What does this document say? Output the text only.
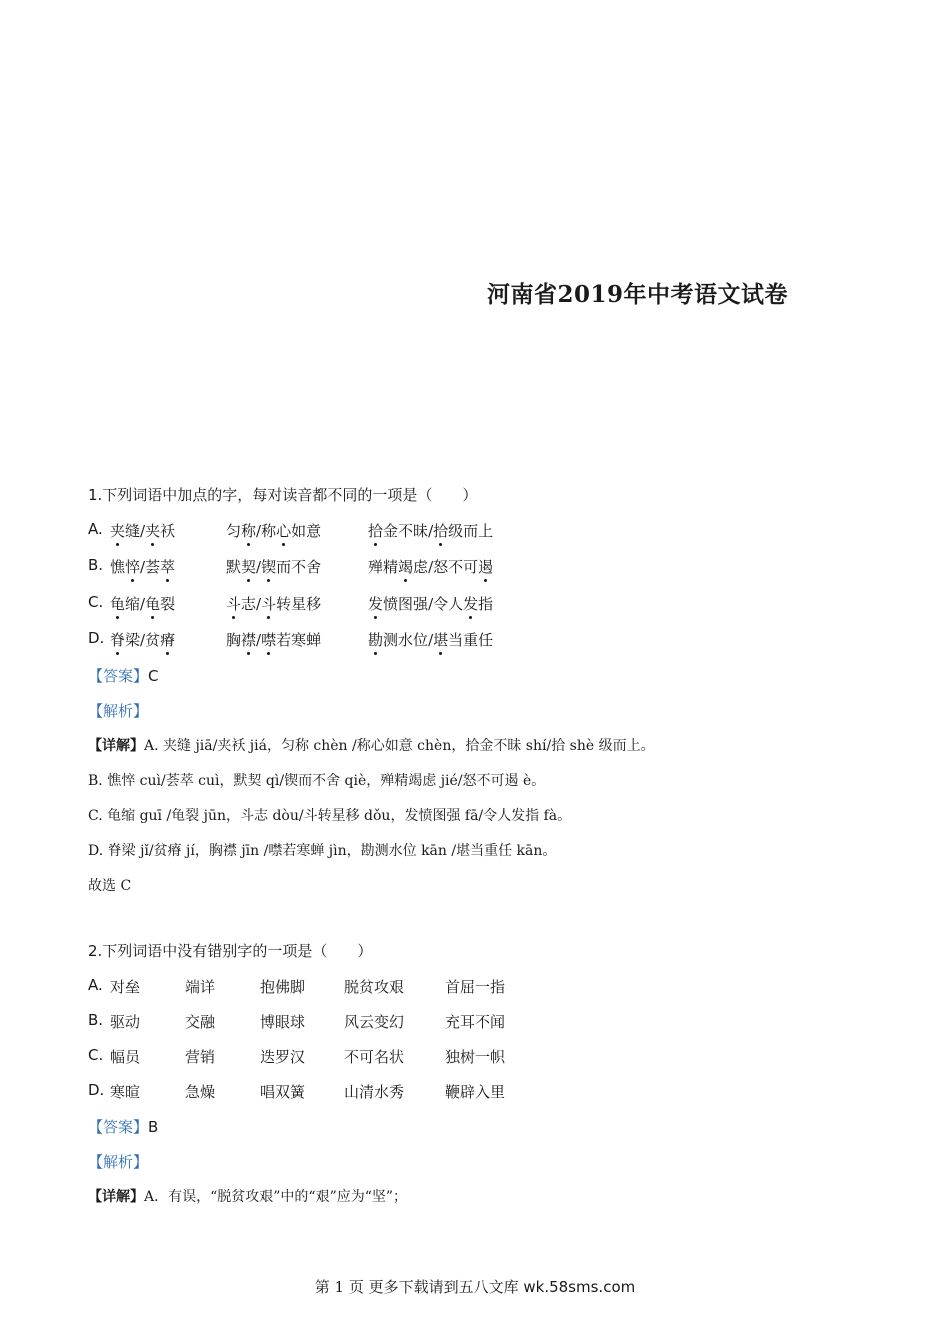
河南省2019年中考语文试卷
1.下列词语中加点的字，每对读音都不同的一项是（　　）
A. 夹缝/夹袄	匀称/称心如意	拾金不昧/拾级而上
B. 憔悴/荟萃	默契/锲而不舍	殚精竭虑/怒不可遏
C. 龟缩/龟裂	斗志/斗转星移	发愤图强/令人发指
D. 脊梁/贫瘠	胸襟/噤若寒蝉	勘测水位/堪当重任
【答案】C
【解析】
【详解】A. 夹缝 jiā/夹袄 jiá，匀称 chèn /称心如意 chèn，拾金不昧 shí/拾 shè 级而上。
B. 憔悴 cuì/荟萃 cuì，默契 qì/锲而不舍 qiè，殚精竭虑 jié/怒不可遏 è。
C. 龟缩 guī /龟裂 jūn，斗志 dòu/斗转星移 dǒu，发愤图强 fā/令人发指 fà。
D. 脊梁 jǐ/贫瘠 jí，胸襟 jīn /噤若寒蝉 jìn，勘测水位 kān /堪当重任 kān。
故选 C
2.下列词语中没有错别字的一项是（　　）
A. 对垒	端详	抱佛脚	脱贫攻艰	首屈一指
B. 驱动	交融	博眼球	风云变幻	充耳不闻
C. 幅员	营销	迭罗汉	不可名状	独树一帜
D. 寒暄	急燥	唱双簧	山清水秀	鞭辟入里
【答案】B
【解析】
【详解】A．有误，“脱贫攻艰”中的“艰”应为“坚”；
第 1 页 更多下载请到五八文库 wk.58sms.com
